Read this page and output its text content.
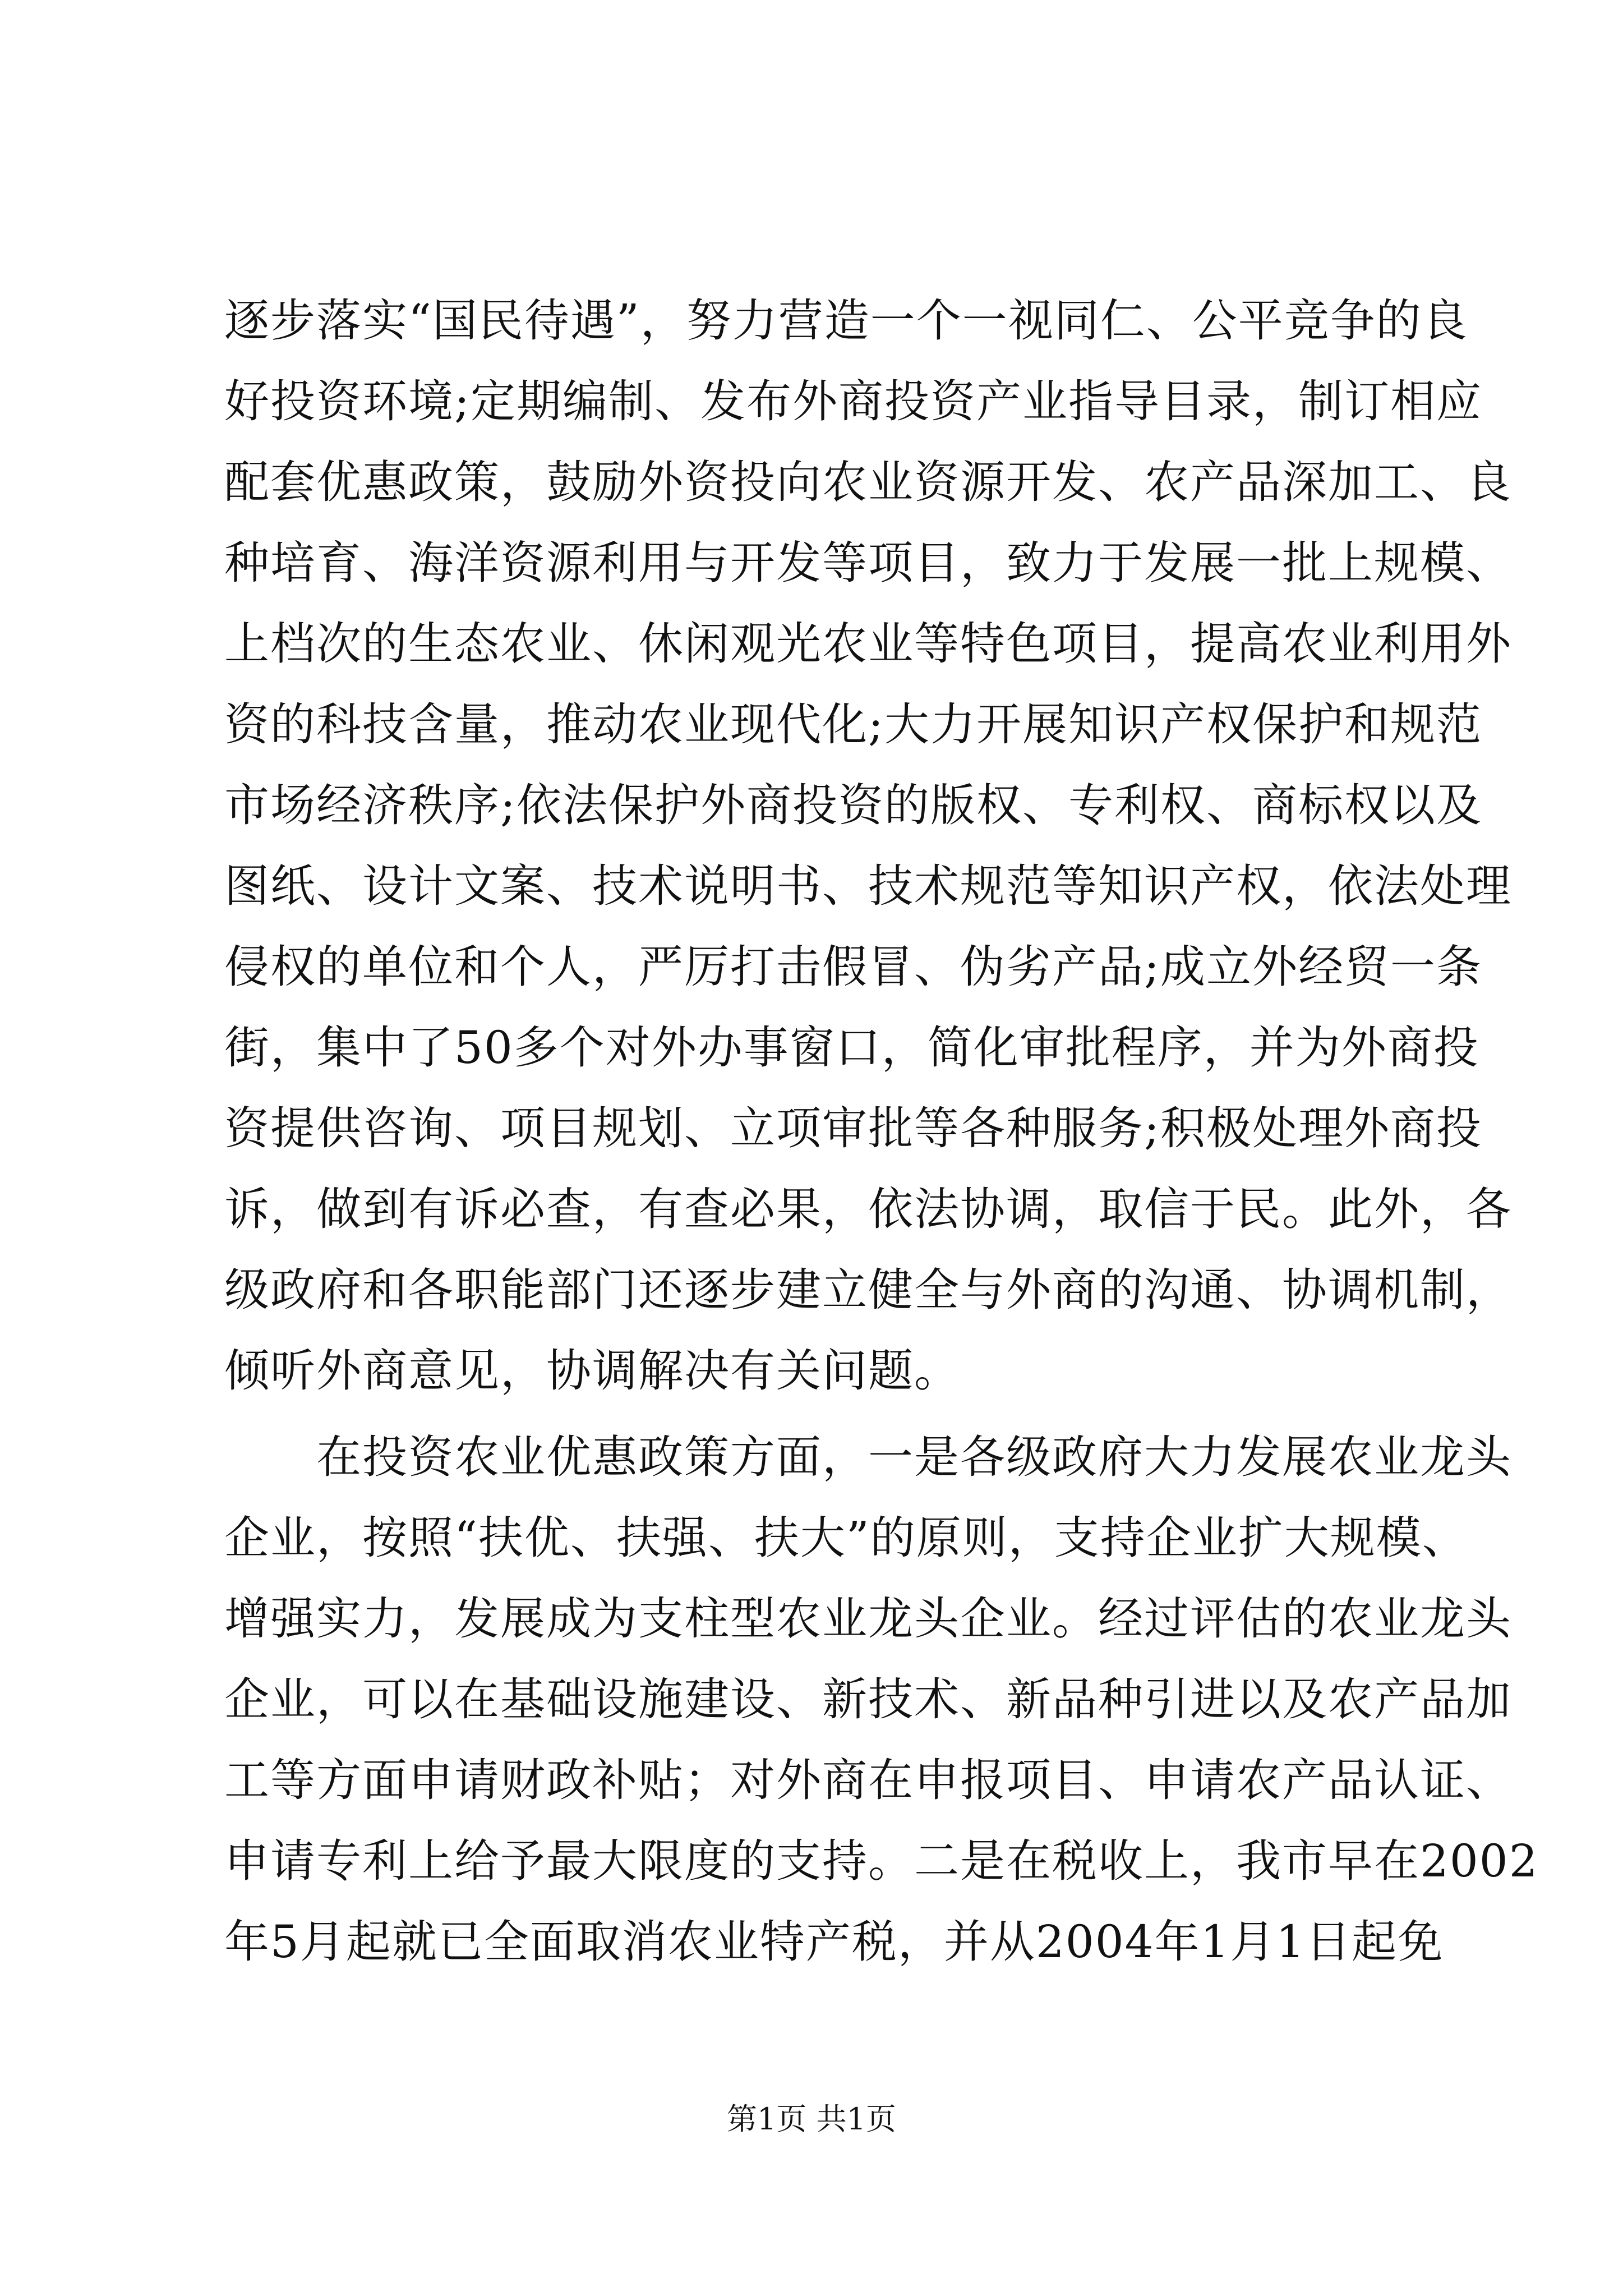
逐步落实“国民待遇”，努力营造一个一视同仁、公平竞争的良
好投资环境;定期编制、发布外商投资产业指导目录，制订相应
配套优惠政策，鼓励外资投向农业资源开发、农产品深加工、良
种培育、海洋资源利用与开发等项目，致力于发展一批上规模、
上档次的生态农业、休闲观光农业等特色项目，提高农业利用外
资的科技含量，推动农业现代化;大力开展知识产权保护和规范
市场经济秩序;依法保护外商投资的版权、专利权、商标权以及
图纸、设计文案、技术说明书、技术规范等知识产权，依法处理
侵权的单位和个人，严厉打击假冒、伪劣产品;成立外经贸一条
街，集中了50多个对外办事窗口，简化审批程序，并为外商投
资提供咨询、项目规划、立项审批等各种服务;积极处理外商投
诉，做到有诉必查，有查必果，依法协调，取信于民。此外，各
级政府和各职能部门还逐步建立健全与外商的沟通、协调机制，
倾听外商意见，协调解决有关问题。
　　在投资农业优惠政策方面，一是各级政府大力发展农业龙头
企业，按照“扶优、扶强、扶大”的原则，支持企业扩大规模、
增强实力，发展成为支柱型农业龙头企业。经过评估的农业龙头
企业，可以在基础设施建设、新技术、新品种引进以及农产品加
工等方面申请财政补贴；对外商在申报项目、申请农产品认证、
申请专利上给予最大限度的支持。二是在税收上，我市早在2002
年5月起就已全面取消农业特产税，并从2004年1月1日起免
第1页 共1页
